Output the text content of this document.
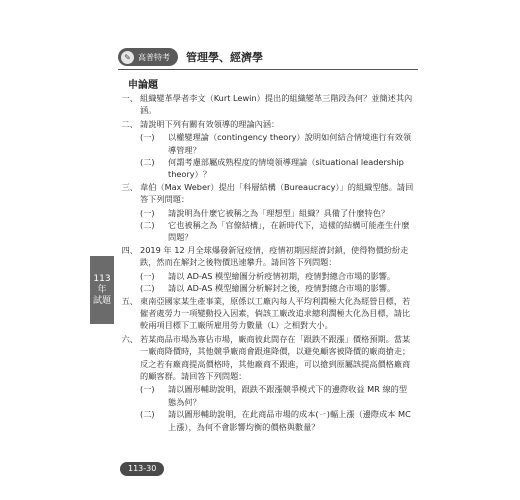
✎ 高普特考 管理學、經濟學
申論題
一、 組織變革學者李文（Kurt Lewin）提出的組織變革三階段為何？並簡述其內涵。
二、 請說明下列有關有效領導的理論內涵：
(一) 以權變理論（contingency theory）說明如何結合情境進行有效領導管理？
(二) 何謂考慮部屬成熟程度的情境領導理論（situational leadership theory）？
三、 韋伯（Max Weber）提出「科層結構（Bureaucracy）」的組織型態。請回答下列問題：
(一) 請說明為什麼它被稱之為「理想型」組織？具備了什麼特色？
(二) 它也被稱之為「官僚結構」，在新時代下，這樣的結構可能產生什麼問題？
四、 2019 年 12 月全球爆發新冠疫情，疫情初期因經濟封鎖，使得物價紛紛走跌，然而在解封之後物價迅速攀升。請回答下列問題：
(一) 請以 AD-AS 模型繪圖分析疫情初期，疫情對總合市場的影響。
(二) 請以 AD-AS 模型繪圖分析解封之後，疫情對總合市場的影響。
五、 東南亞國家某生產事業，原係以工廠內每人平均利潤極大化為經營目標，若僱者處勞力一項變動投入因素，倘該工廠改追求總利潤極大化為目標，請比較兩項目標下工廠所雇用勞力數量（L）之相對大小。
六、 若某商品市場為寡佔市場，廠商彼此間存在「跟跌不跟漲」價格預期。當某一廠商降價時，其他競爭廠商會跟進降價，以避免顧客被降價的廠商搶走；反之若有廠商提高價格時，其他廠商不跟進，可以搶到原屬該提高價格廠商的顧客群。請回答下列問題：
(一) 請以圖形輔助說明，跟跌不跟漲競爭模式下的邊際收益 MR 線的型態為何？
(二) 請以圖形輔助說明，在此商品市場的成本(ㄧ)輻上漲（邊際成本 MC 上漲），為何不會影響均衡的價格與數量？
113
年
試題
113-30
